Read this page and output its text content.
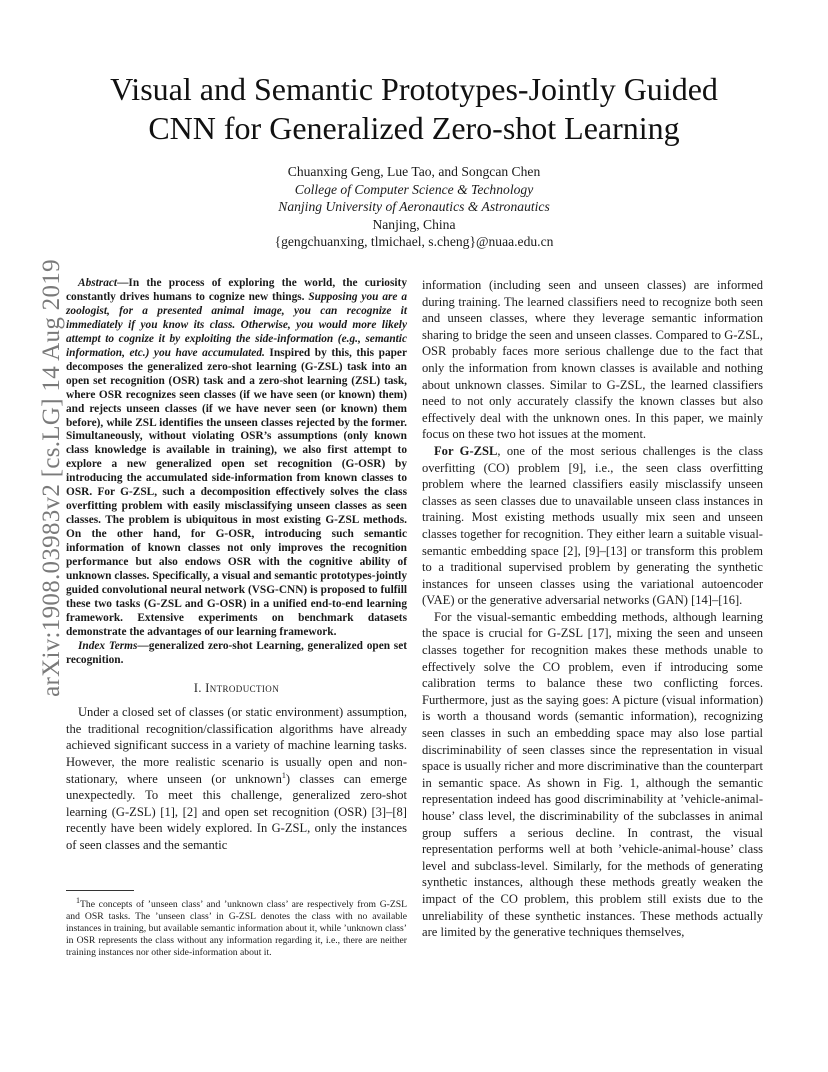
arXiv:1908.03983v2 [cs.LG] 14 Aug 2019
Visual and Semantic Prototypes-Jointly Guided
CNN for Generalized Zero-shot Learning
Chuanxing Geng, Lue Tao, and Songcan Chen
College of Computer Science & Technology
Nanjing University of Aeronautics & Astronautics
Nanjing, China
{gengchuanxing, tlmichael, s.cheng}@nuaa.edu.cn

Abstract—In the process of exploring the world, the curiosity constantly drives humans to cognize new things. Supposing you are a zoologist, for a presented animal image, you can recognize it immediately if you know its class. Otherwise, you would more likely attempt to cognize it by exploiting the side-information (e.g., semantic information, etc.) you have accumulated. Inspired by this, this paper decomposes the generalized zero-shot learning (G-ZSL) task into an open set recognition (OSR) task and a zero-shot learning (ZSL) task, where OSR recognizes seen classes (if we have seen (or known) them) and rejects unseen classes (if we have never seen (or known) them before), while ZSL identifies the unseen classes rejected by the former. Simultaneously, without violating OSR’s assumptions (only known class knowledge is available in training), we also first attempt to explore a new generalized open set recognition (G-OSR) by introducing the accumulated side-information from known classes to OSR. For G-ZSL, such a decomposition effectively solves the class overfitting problem with easily misclassifying unseen classes as seen classes. The problem is ubiquitous in most existing G-ZSL methods. On the other hand, for G-OSR, introducing such semantic information of known classes not only improves the recognition performance but also endows OSR with the cognitive ability of unknown classes. Specifically, a visual and semantic prototypes-jointly guided convolutional neural network (VSG-CNN) is proposed to fulfill these two tasks (G-ZSL and G-OSR) in a unified end-to-end learning framework. Extensive experiments on benchmark datasets demonstrate the advantages of our learning framework.

Index Terms—generalized zero-shot Learning, generalized open set recognition.

I. Introduction

Under a closed set of classes (or static environment) assumption, the traditional recognition/classification algorithms have already achieved significant success in a variety of machine learning tasks. However, the more realistic scenario is usually open and non-stationary, where unseen (or unknown$^1$) classes can emerge unexpectedly. To meet this challenge, generalized zero-shot learning (G-ZSL) [1], [2] and open set recognition (OSR) [3]–[8] recently have been widely explored. In G-ZSL, only the instances of seen classes and the semantic

$^1$The concepts of ’unseen class’ and ’unknown class’ are respectively from G-ZSL and OSR tasks. The ’unseen class’ in G-ZSL denotes the class with no available instances in training, but available semantic information about it, while ’unknown class’ in OSR represents the class without any information regarding it, i.e., there are neither training instances nor other side-information about it.

information (including seen and unseen classes) are informed during training. The learned classifiers need to recognize both seen and unseen classes, where they leverage semantic information sharing to bridge the seen and unseen classes. Compared to G-ZSL, OSR probably faces more serious challenge due to the fact that only the information from known classes is available and nothing about unknown classes. Similar to G-ZSL, the learned classifiers need to not only accurately classify the known classes but also effectively deal with the unknown ones. In this paper, we mainly focus on these two hot issues at the moment.

For G-ZSL, one of the most serious challenges is the class overfitting (CO) problem [9], i.e., the seen class overfitting problem where the learned classifiers easily misclassify unseen classes as seen classes due to unavailable unseen class instances in training. Most existing methods usually mix seen and unseen classes together for recognition. They either learn a suitable visual-semantic embedding space [2], [9]–[13] or transform this problem to a traditional supervised problem by generating the synthetic instances for unseen classes using the variational autoencoder (VAE) or the generative adversarial networks (GAN) [14]–[16].

For the visual-semantic embedding methods, although learning the space is crucial for G-ZSL [17], mixing the seen and unseen classes together for recognition makes these methods unable to effectively solve the CO problem, even if introducing some calibration terms to balance these two conflicting forces. Furthermore, just as the saying goes: A picture (visual information) is worth a thousand words (semantic information), recognizing seen classes in such an embedding space may also lose partial discriminability of seen classes since the representation in visual space is usually richer and more discriminative than the counterpart in semantic space. As shown in Fig. 1, although the semantic representation indeed has good discriminability at ’vehicle-animal-house’ class level, the discriminability of the subclasses in animal group suffers a serious decline. In contrast, the visual representation performs well at both ’vehicle-animal-house’ class level and subclass-level. Similarly, for the methods of generating synthetic instances, although these methods greatly weaken the impact of the CO problem, this problem still exists due to the unreliability of these synthetic instances. These methods actually are limited by the generative techniques themselves,
